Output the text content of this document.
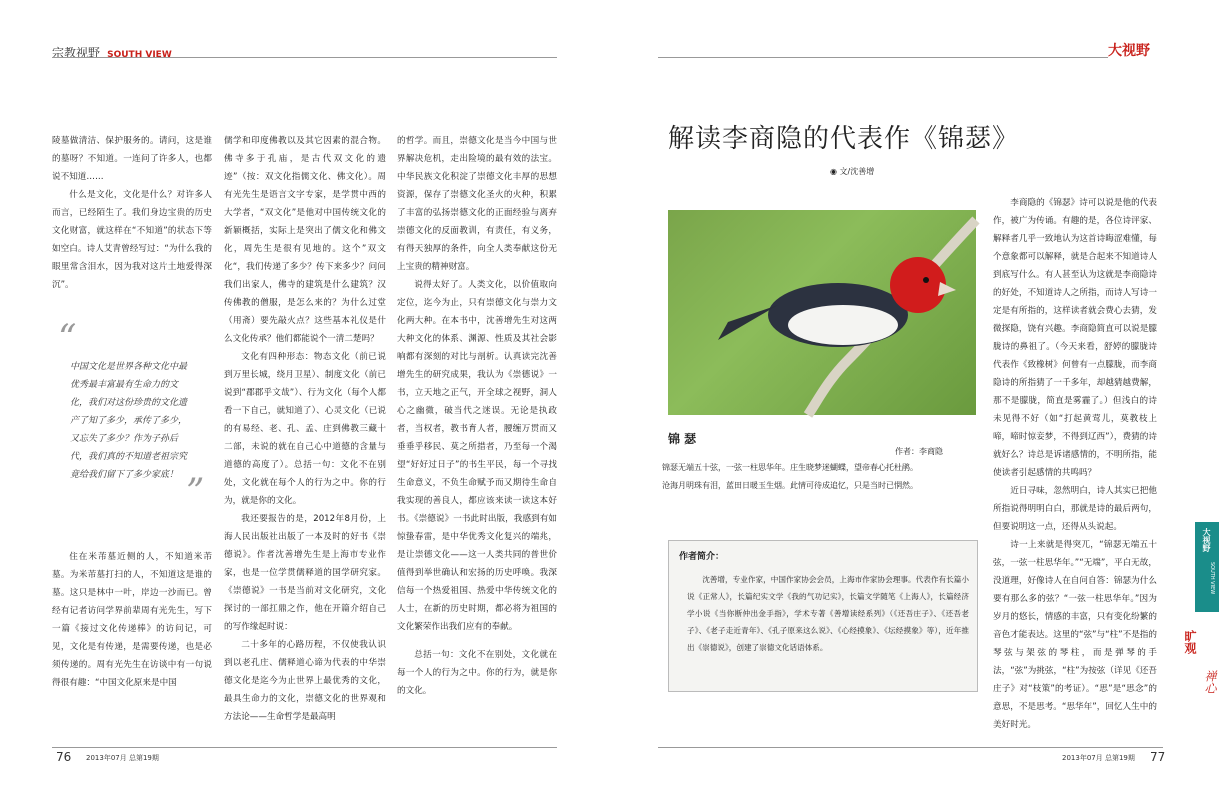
宗教视野 SOUTH VIEW

陵墓做清洁、保护服务的。请问，这是谁的墓呀？不知道。一连问了许多人，也都说不知道……

什么是文化，文化是什么？对许多人而言，已经陌生了。我们身边宝贵的历史文化财富，就这样在“不知道”的状态下等如空白。诗人艾青曾经写过：“为什么我的眼里常含泪水，因为我对这片土地爱得深沉”。

“
中国文化是世界各种文化中最优秀最丰富最有生命力的文化，我们对这份珍贵的文化遗产了知了多少，承传了多少，又忘失了多少？作为子孙后代，我们真的不知道老祖宗究竟给我们留下了多少家底！ ”

住在米芾墓近侧的人，不知道米芾墓。为米芾墓打扫的人，不知道这是谁的墓。这只是林中一叶，岸边一沙而已。曾经有记者访问学界前辈周有光先生，写下一篇《接过文化传递棒》的访问记，可见，文化是有传递，是需要传递，也是必须传递的。周有光先生在访谈中有一句说得很有趣：“中国文化原来是中国

儒学和印度佛教以及其它因素的混合物。佛寺多于孔庙，是古代双文化的遗迹”（按：双文化指儒文化、佛文化）。周有光先生是语言文字专家，是学贯中西的大学者，“双文化”是他对中国传统文化的新颖概括，实际上是突出了儒文化和佛文化，周先生是很有见地的。这个”双文化“，我们传递了多少？传下来多少？问问我们出家人，佛寺的建筑是什么建筑？汉传佛教的僧服，是怎么来的？为什么过堂（用斋）要先敲火点？这些基本礼仪是什么文化传承？他们都能说个一清二楚吗？

文化有四种形态：物态文化（前已说到万里长城，绕月卫星）、制度文化（前已说到“郡郡乎文哉”）、行为文化（每个人都看一下自己，就知道了）、心灵文化（已说的有易经、老、孔、孟、庄到佛教三藏十二部，未说的就在自己心中道德的含量与道德的高度了）。总括一句：文化不在别处，文化就在每个人的行为之中。你的行为，就是你的文化。

我还要报告的是，2012年8月份，上海人民出版社出版了一本及时的好书《崇德说》。作者沈善增先生是上海市专业作家，也是一位学贯儒释道的国学研究家。《崇德说》一书是当前对文化研究，文化探讨的一部扛鼎之作，他在开篇介绍自己的写作缘起时说：

二十多年的心路历程，不仅使我认识到以老孔庄、儒释道心谛为代表的中华崇德文化是迄今为止世界上最优秀的文化，最具生命力的文化，崇德文化的世界观和方法论——生命哲学是最高明

的哲学。而且，崇德文化是当今中国与世界解决危机，走出险境的最有效的法宝。中华民族文化积淀了崇德文化丰厚的思想资源，保存了崇德文化圣火的火种，积累了丰富的弘扬崇德文化的正面经验与离弃崇德文化的反面教训，有责任，有义务，有得天独厚的条件，向全人类奉献这份无上宝贵的精神财富。

说得太好了。人类文化，以价值取向定位，迄今为止，只有崇德文化与崇力文化两大种。在本书中，沈善增先生对这两大种文化的体系、渊源、性质及其社会影响都有深刻的对比与剖析。认真读完沈善增先生的研究成果，我认为《崇德说》一书，立天地之正气，开全球之视野，洞人心之幽微，破当代之迷误。无论是执政者，当权者，教书育人者，腰缠万贯而又垂垂乎移民、莫之所措者，乃至每一个渴望“好好过日子”的书生平民，每一个寻找生命意义，不负生命赋予而又期待生命自我实现的善良人，都应该来读一读这本好书。《崇德说》一书此时出版，我感到有如惊蛰春雷，是中华优秀文化复兴的端兆，是让崇德文化——这一人类共同的普世价值得到举世确认和宏扬的历史呼唤。我深信每一个热爱祖国、热爱中华传统文化的人士，在新的历史时期，都必将为祖国的文化繁荣作出我们应有的奉献。

总括一句：文化不在别处，文化就在每一个人的行为之中。你的行为，就是你的文化。

76 2013年07月 总第19期
大视野
解读李商隐的代表作《锦瑟》
◉ 文/沈善增
锦 瑟
作者：李商隐
锦瑟无端五十弦，一弦一柱思华年。庄生晓梦迷蝴蝶，望帝春心托杜鹃。
沧海月明珠有泪，蓝田日暖玉生烟。此情可待成追忆，只是当时已惘然。
作者简介：
沈善增，专业作家，中国作家协会会员，上海市作家协会理事。代表作有长篇小说《正常人》，长篇纪实文学《我的气功记实》，长篇文学随笔《上海人》，长篇经济学小说《当你断仲出金手指》，学术专著《善增读经系列》（《还吾庄子》、《还吾老子》、《老子走近青年》、《孔子原来这么说》、《心经摸象》、《坛经摸象》等），近年推出《崇德说》，创建了崇德文化话语体系。

李商隐的《锦瑟》诗可以说是他的代表作，被广为传诵。有趣的是，各位诗评家、解释者几乎一致地认为这首诗晦涩难懂，每个意象都可以解释，就是合起来不知道诗人到底写什么。有人甚至认为这就是李商隐诗的好处，不知道诗人之所指，而诗人写诗一定是有所指的，这样读者就会费心去猜，发微探隐，饶有兴趣。李商隐简直可以说是朦胧诗的鼻祖了。（今天来看，舒婷的朦胧诗代表作《致橡树》何曾有一点朦胧，而李商隐诗的所指猜了一千多年，却越猜越费解，那不是朦胧，简直是雾霾了。）但浅白的诗未见得不好（如“打起黄莺儿，莫教枝上啼，啼时惊妾梦，不得到辽西”），费猜的诗就好么？诗总是诉诸感情的，不明所指，能使读者引起感情的共鸣吗？

近日寻味，忽然明白，诗人其实已把他所指说得明明白白，那就是诗的最后两句，但要说明这一点，还得从头说起。

诗一上来就是得突兀，“锦瑟无端五十弦，一弦一柱思华年。”“无端”，平白无故，没道理，好像诗人在自问自答：锦瑟为什么要有那么多的弦？“一弦一柱思华年。”因为岁月的悠长，情感的丰富，只有变化纷繁的音色才能表达。这里的“弦”与“柱”不是指的琴弦与架弦的琴柱，而是弹琴的手法，“弦”为挑弦，“柱”为按弦（详见《还吾庄子》对“枝策”的考证）。“思”是“思念”的意思，不是思考。“思华年”，回忆人生中的美好时光。

大视野
SOUTH VIEW
旷观
禅心
2013年07月 总第19期 77
